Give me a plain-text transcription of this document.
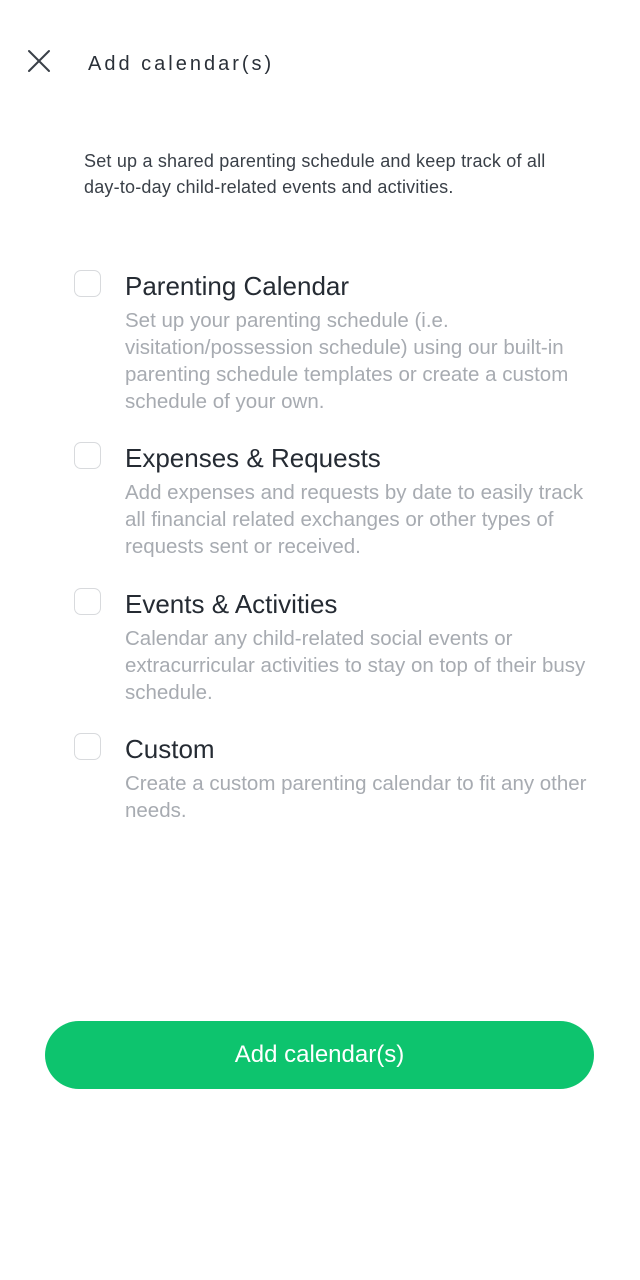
Add calendar(s)
Set up a shared parenting schedule and keep track of all day-to-day child-related events and activities.
Parenting Calendar
Set up your parenting schedule (i.e. visitation/possession schedule) using our built-in parenting schedule templates or create a custom schedule of your own.
Expenses & Requests
Add expenses and requests by date to easily track all financial related exchanges or other types of requests sent or received.
Events & Activities
Calendar any child-related social events or extracurricular activities to stay on top of their busy schedule.
Custom
Create a custom parenting calendar to fit any other needs.
Add calendar(s)
